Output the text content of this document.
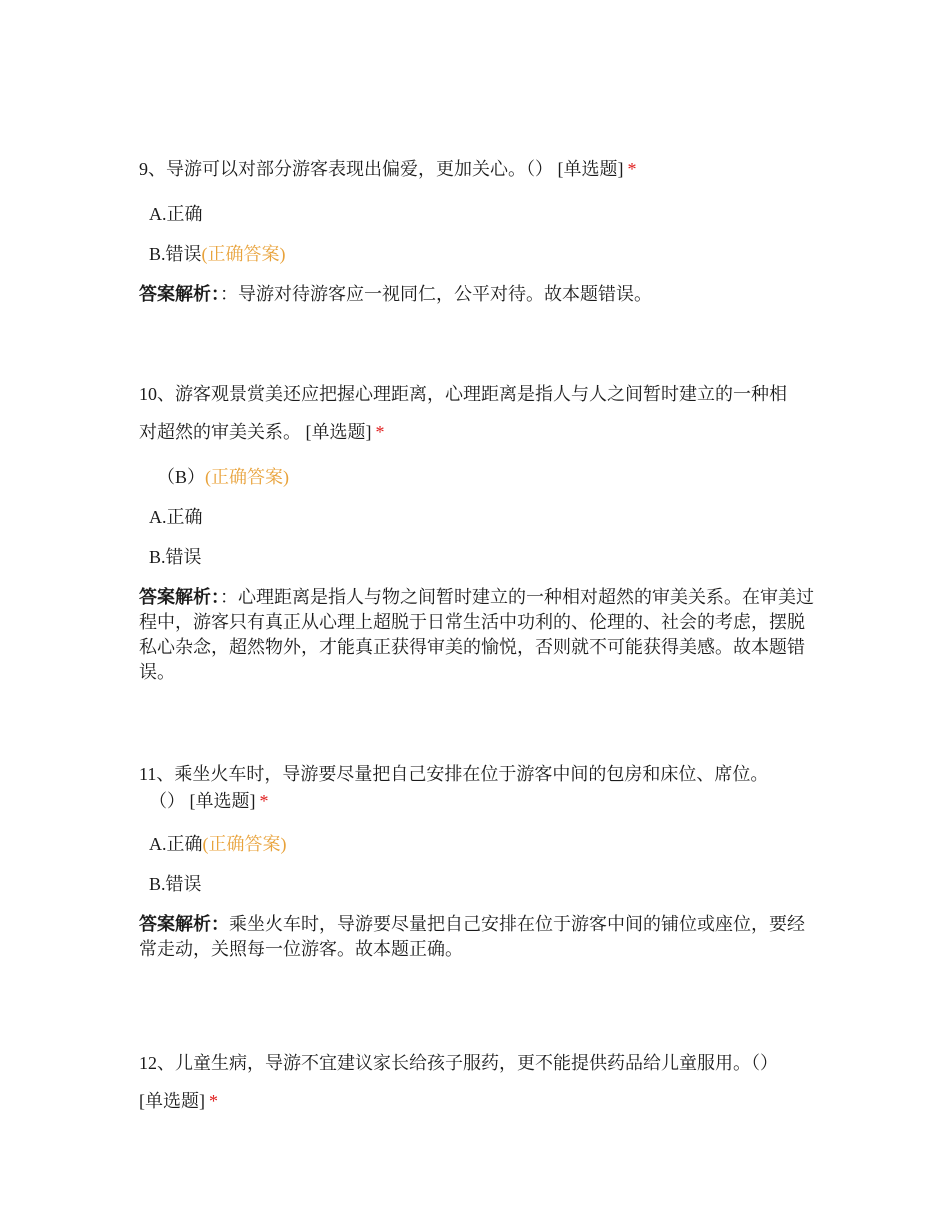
9、导游可以对部分游客表现出偏爱，更加关心。（） [单选题] *

A.正确

B.错误(正确答案)

答案解析：：导游对待游客应一视同仁，公平对待。故本题错误。

10、游客观景赏美还应把握心理距离，心理距离是指人与人之间暂时建立的一种相

对超然的审美关系。 [单选题] *

（B）(正确答案)

A.正确

B.错误

答案解析：：心理距离是指人与物之间暂时建立的一种相对超然的审美关系。在审美过程中，游客只有真正从心理上超脱于日常生活中功利的、伦理的、社会的考虑，摆脱私心杂念，超然物外，才能真正获得审美的愉悦，否则就不可能获得美感。故本题错误。

11、乘坐火车时，导游要尽量把自己安排在位于游客中间的包房和床位、席位。

（） [单选题] *

A.正确(正确答案)

B.错误

答案解析：乘坐火车时，导游要尽量把自己安排在位于游客中间的铺位或座位，要经常走动，关照每一位游客。故本题正确。

12、儿童生病，导游不宜建议家长给孩子服药，更不能提供药品给儿童服用。（）

[单选题] *
